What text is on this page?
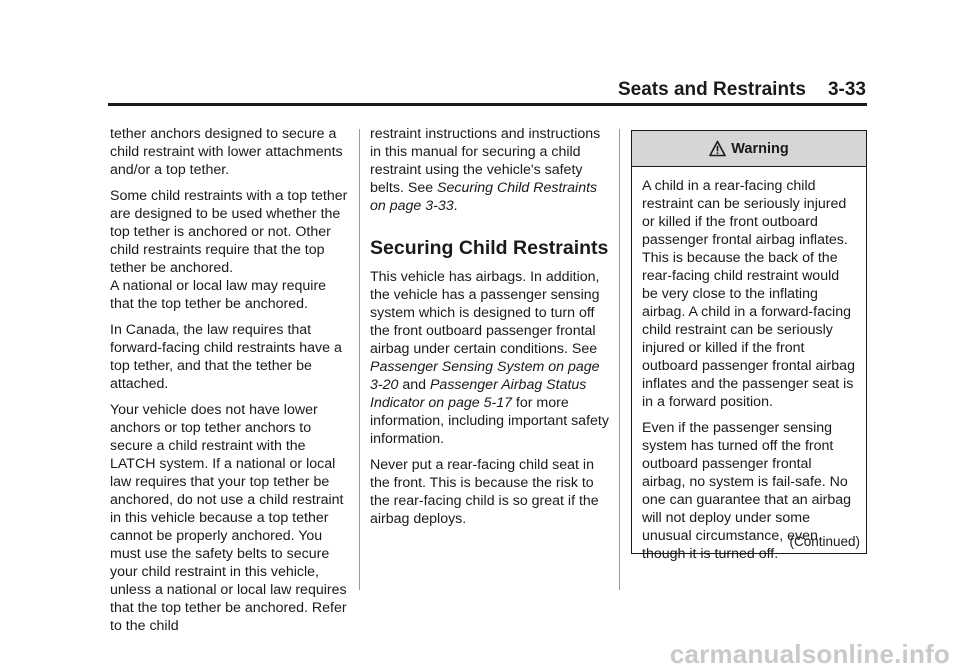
Seats and Restraints 3-33

tether anchors designed to secure a child restraint with lower attachments and/or a top tether.

Some child restraints with a top tether are designed to be used whether the top tether is anchored or not. Other child restraints require that the top tether be anchored.
A national or local law may require that the top tether be anchored.

In Canada, the law requires that forward-facing child restraints have a top tether, and that the tether be attached.

Your vehicle does not have lower anchors or top tether anchors to secure a child restraint with the LATCH system. If a national or local law requires that your top tether be anchored, do not use a child restraint in this vehicle because a top tether cannot be properly anchored. You must use the safety belts to secure your child restraint in this vehicle, unless a national or local law requires that the top tether be anchored. Refer to the child

restraint instructions and instructions in this manual for securing a child restraint using the vehicle's safety belts. See Securing Child Restraints on page 3-33.

Securing Child Restraints

This vehicle has airbags. In addition, the vehicle has a passenger sensing system which is designed to turn off the front outboard passenger frontal airbag under certain conditions. See Passenger Sensing System on page 3-20 and Passenger Airbag Status Indicator on page 5-17 for more information, including important safety information.

Never put a rear-facing child seat in the front. This is because the risk to the rear-facing child is so great if the airbag deploys.

Warning

A child in a rear-facing child restraint can be seriously injured or killed if the front outboard passenger frontal airbag inflates. This is because the back of the rear-facing child restraint would be very close to the inflating airbag. A child in a forward-facing child restraint can be seriously injured or killed if the front outboard passenger frontal airbag inflates and the passenger seat is in a forward position.

Even if the passenger sensing system has turned off the front outboard passenger frontal airbag, no system is fail-safe. No one can guarantee that an airbag will not deploy under some unusual circumstance, even though it is turned off.

(Continued)
carmanualsonline.info
